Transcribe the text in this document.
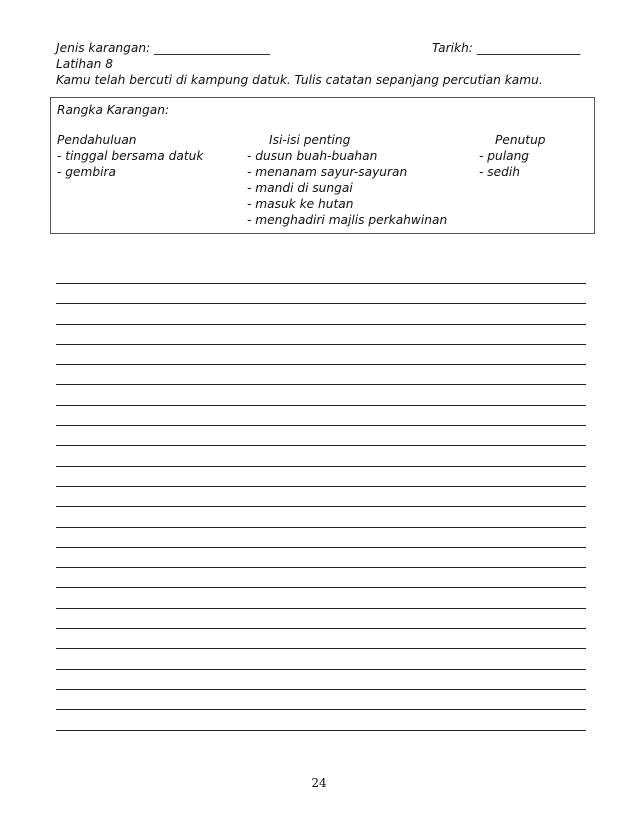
Jenis karangan: ___________________	Tarikh: _________________
Latihan 8
Kamu telah bercuti di kampung datuk. Tulis catatan sepanjang percutian kamu.
Rangka Karangan:
Pendahuluan
- tinggal bersama datuk
- gembira
Isi-isi penting
- dusun buah-buahan
- menanam sayur-sayuran
- mandi di sungai
- masuk ke hutan
- menghadiri majlis perkahwinan
Penutup
- pulang
- sedih
24
